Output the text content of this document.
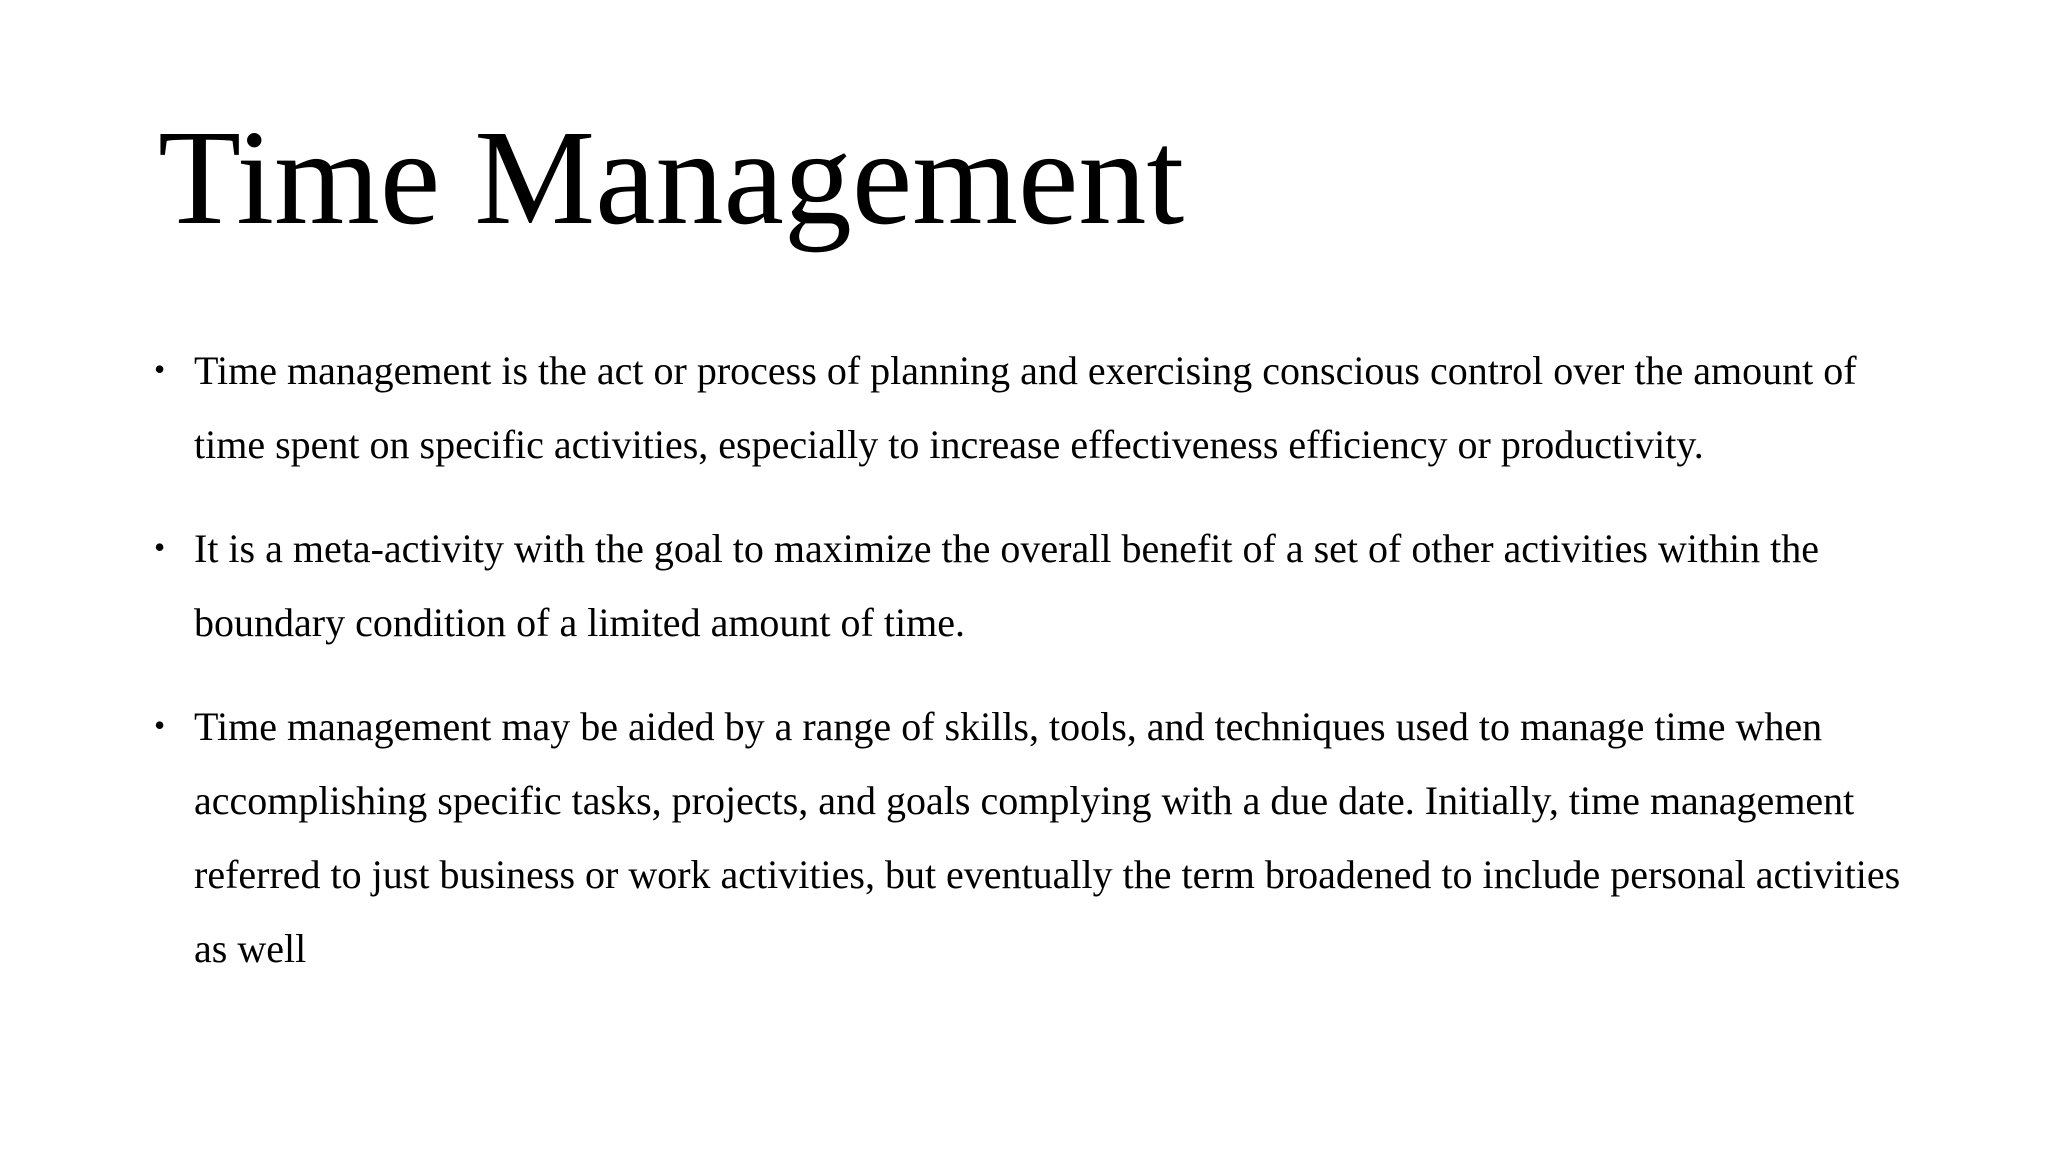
Time Management
• Time management is the act or process of planning and exercising conscious control over the amount of time spent on specific activities, especially to increase effectiveness efficiency or productivity.
• It is a meta-activity with the goal to maximize the overall benefit of a set of other activities within the boundary condition of a limited amount of time.
• Time management may be aided by a range of skills, tools, and techniques used to manage time when accomplishing specific tasks, projects, and goals complying with a due date. Initially, time management referred to just business or work activities, but eventually the term broadened to include personal activities as well
